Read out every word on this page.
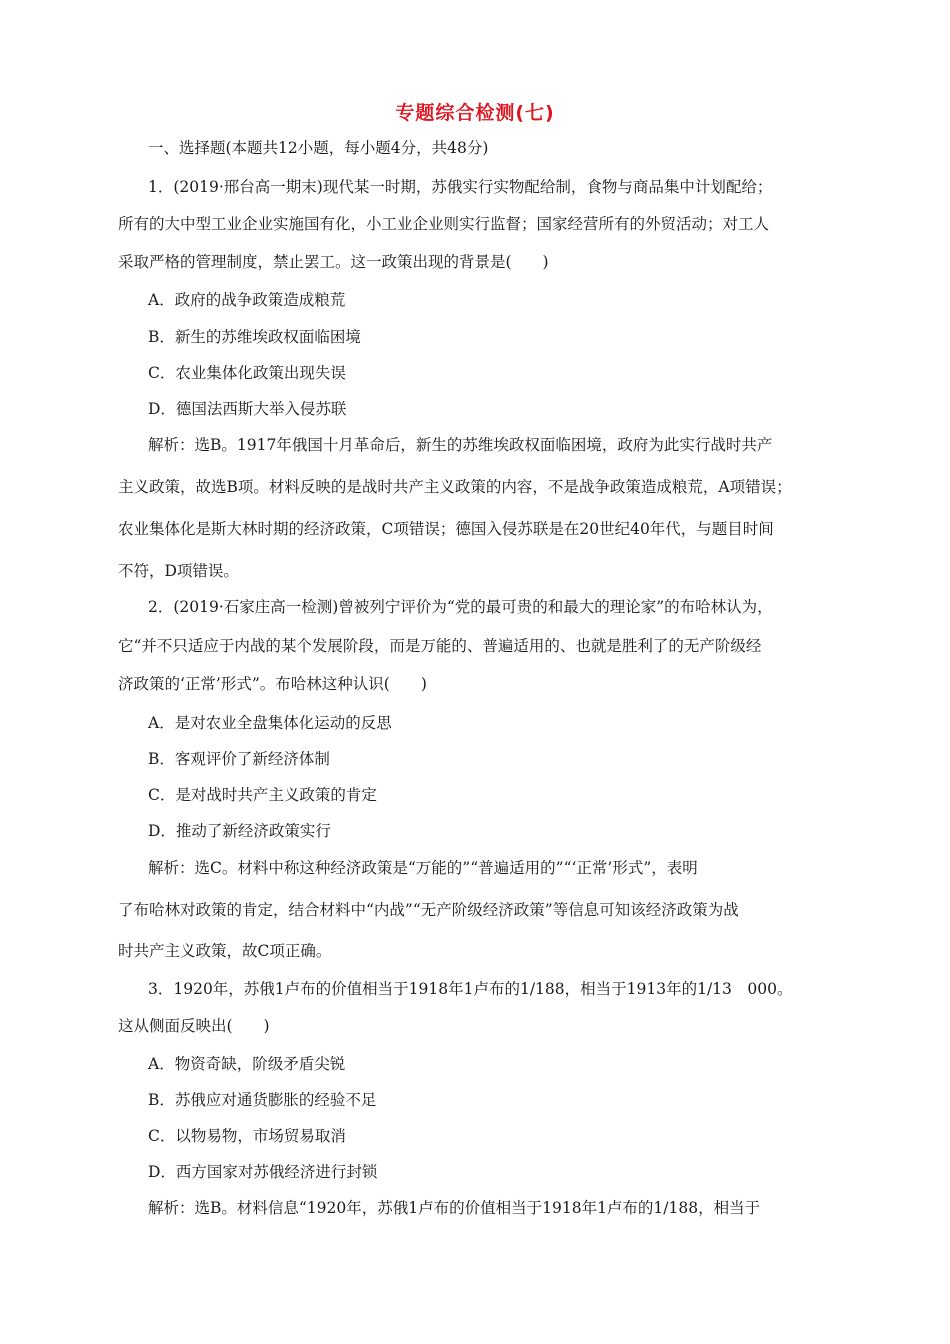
专题综合检测(七)
一、选择题(本题共12小题，每小题4分，共48分)
1．(2019·邢台高一期末)现代某一时期，苏俄实行实物配给制，食物与商品集中计划配给；
所有的大中型工业企业实施国有化，小工业企业则实行监督；国家经营所有的外贸活动；对工人
采取严格的管理制度，禁止罢工。这一政策出现的背景是(　　)
A．政府的战争政策造成粮荒
B．新生的苏维埃政权面临困境
C．农业集体化政策出现失误
D．德国法西斯大举入侵苏联
解析：选B。1917年俄国十月革命后，新生的苏维埃政权面临困境，政府为此实行战时共产
主义政策，故选B项。材料反映的是战时共产主义政策的内容，不是战争政策造成粮荒，A项错误；
农业集体化是斯大林时期的经济政策，C项错误；德国入侵苏联是在20世纪40年代，与题目时间
不符，D项错误。
2．(2019·石家庄高一检测)曾被列宁评价为“党的最可贵的和最大的理论家”的布哈林认为，
它“并不只适应于内战的某个发展阶段，而是万能的、普遍适用的、也就是胜利了的无产阶级经
济政策的‘正常’形式”。布哈林这种认识(　　)
A．是对农业全盘集体化运动的反思
B．客观评价了新经济体制
C．是对战时共产主义政策的肯定
D．推动了新经济政策实行
解析：选C。材料中称这种经济政策是“万能的”“普遍适用的”“‘正常’形式”，表明
了布哈林对政策的肯定，结合材料中“内战”“无产阶级经济政策”等信息可知该经济政策为战
时共产主义政策，故C项正确。
3．1920年，苏俄1卢布的价值相当于1918年1卢布的1/188，相当于1913年的1/13　000。
这从侧面反映出(　　)
A．物资奇缺，阶级矛盾尖锐
B．苏俄应对通货膨胀的经验不足
C．以物易物，市场贸易取消
D．西方国家对苏俄经济进行封锁
解析：选B。材料信息“1920年，苏俄1卢布的价值相当于1918年1卢布的1/188，相当于
